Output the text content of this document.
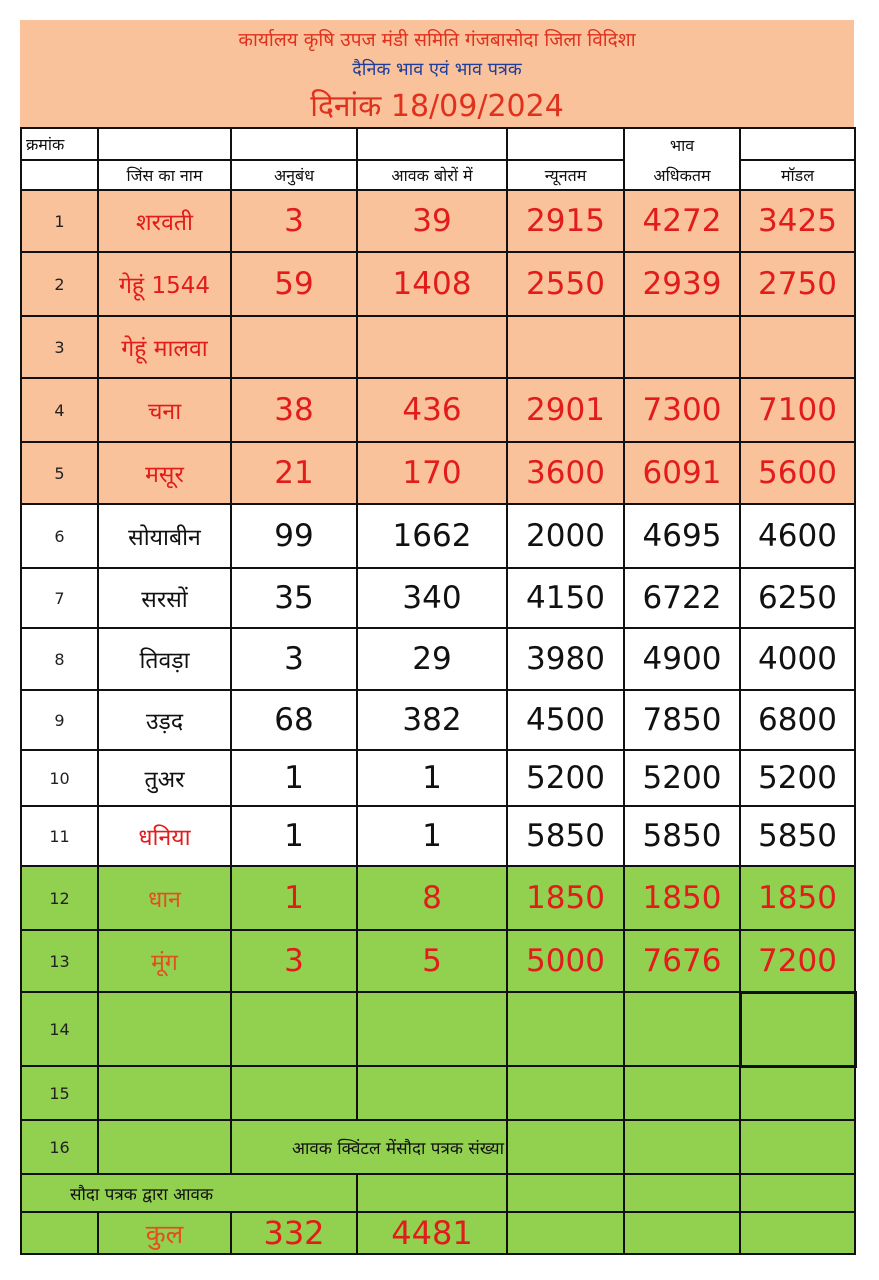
कार्यालय कृषि उपज मंडी समिति गंजबासोदा जिला विदिशा
दैनिक भाव एवं भाव पत्रक
दिनांक 18/09/2024
क्रमांक					भाव	
	जिंस का नाम	अनुबंध	आवक बोरों में	न्यूनतम	अधिकतम	मॉडल
1	शरवती	3	39	2915	4272	3425
2	गेहूं 1544	59	1408	2550	2939	2750
3	गेहूं मालवा					
4	चना	38	436	2901	7300	7100
5	मसूर	21	170	3600	6091	5600
6	सोयाबीन	99	1662	2000	4695	4600
7	सरसों	35	340	4150	6722	6250
8	तिवड़ा	3	29	3980	4900	4000
9	उड़द	68	382	4500	7850	6800
10	तुअर	1	1	5200	5200	5200
11	धनिया	1	1	5850	5850	5850
12	धान	1	8	1850	1850	1850
13	मूंग	3	5	5000	7676	7200
14						
15						
16		आवक क्विंटल मेंसौदा पत्रक संख्या				
सौदा पत्रक द्वारा आवक						
	कुल	332	4481			
